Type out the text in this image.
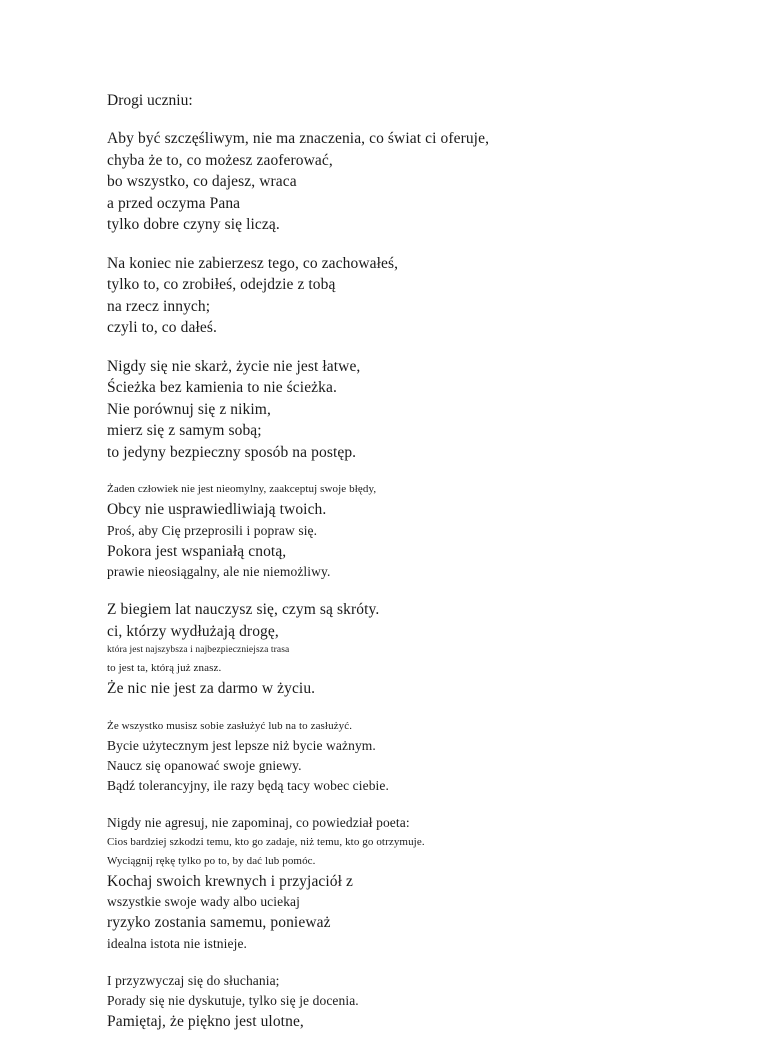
Drogi uczniu:
Aby być szczęśliwym, nie ma znaczenia, co świat ci oferuje,
chyba że to, co możesz zaoferować,
bo wszystko, co dajesz, wraca
a przed oczyma Pana
tylko dobre czyny się liczą.
Na koniec nie zabierzesz tego, co zachowałeś,
tylko to, co zrobiłeś, odejdzie z tobą
na rzecz innych;
czyli to, co dałeś.
Nigdy się nie skarż, życie nie jest łatwe,
Ścieżka bez kamienia to nie ścieżka.
Nie porównuj się z nikim,
mierz się z samym sobą;
to jedyny bezpieczny sposób na postęp.
Żaden człowiek nie jest nieomylny, zaakceptuj swoje błędy,
Obcy nie usprawiedliwiają twoich.
Proś, aby Cię przeprosili i popraw się.
Pokora jest wspaniałą cnotą,
prawie nieosiągalny, ale nie niemożliwy.
Z biegiem lat nauczysz się, czym są skróty.
ci, którzy wydłużają drogę,
która jest najszybsza i najbezpieczniejsza trasa
to jest ta, którą już znasz.
Że nic nie jest za darmo w życiu.
Że wszystko musisz sobie zasłużyć lub na to zasłużyć.
Bycie użytecznym jest lepsze niż bycie ważnym.
Naucz się opanować swoje gniewy.
Bądź tolerancyjny, ile razy będą tacy wobec ciebie.
Nigdy nie agresuj, nie zapominaj, co powiedział poeta:
Cios bardziej szkodzi temu, kto go zadaje, niż temu, kto go otrzymuje.
Wyciągnij rękę tylko po to, by dać lub pomóc.
Kochaj swoich krewnych i przyjaciół z
wszystkie swoje wady albo uciekaj
ryzyko zostania samemu, ponieważ
idealna istota nie istnieje.
I przyzwyczaj się do słuchania;
Porady się nie dyskutuje, tylko się je docenia.
Pamiętaj, że piękno jest ulotne,
